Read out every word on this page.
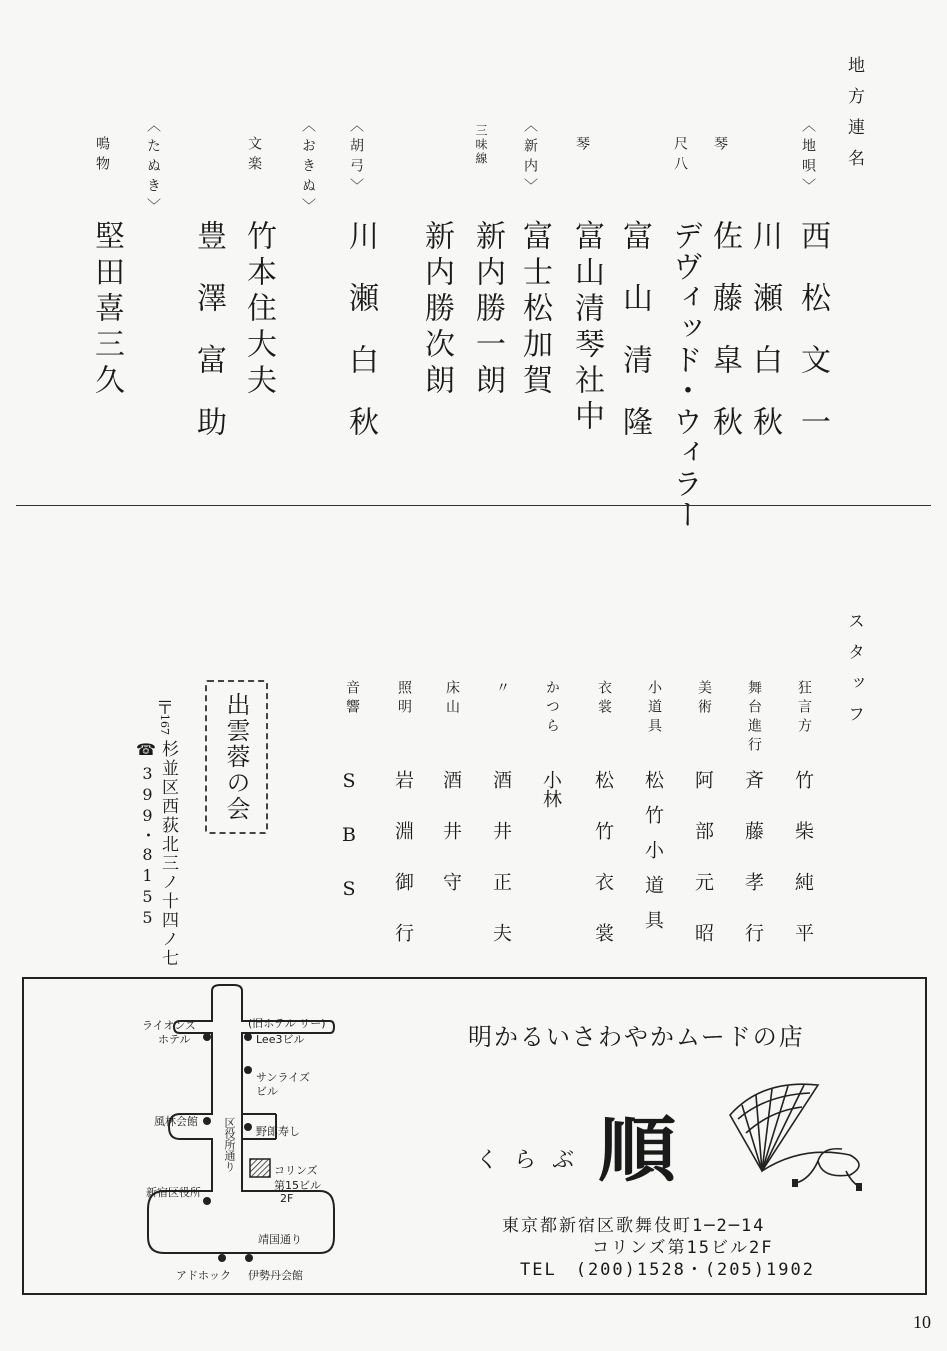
地方連名
〈地唄〉
西松文一
川瀬白秋
琴
佐藤皐秋
尺八
デヴィッド・ウィラー
富山清隆
琴
富山清琴社中
〈新内〉
富士松加賀
三味線
新内勝一朗
新内勝次朗
〈胡弓〉
川瀬白秋
〈おきぬ〉
文楽
竹本住大夫
豊澤富助
〈たぬき〉
鳴物
堅田喜三久
スタッフ
狂言方
竹柴純平
舞台進行
斉藤孝行
美術
阿部元昭
小道具
松竹小道具
衣裳
松竹衣裳
かつら
小林
〃
酒井正夫
床山
酒井守
照明
岩淵御行
音響
SBS
出雲蓉の会
〒
167
杉並区西荻北三ノ十四ノ七
☎
399・8155
ライオンズ
ホテル
(旧ホテル リー)
Lee3ビル
サンライズ
ビル
風林会館 区役所通り 野郎寿し
コリンズ
第15ビル
2F
新宿区役所
靖国通り
アドホック 伊勢丹会館
明かるいさわやかムードの店
くらぶ 順
東京都新宿区歌舞伎町1─2─14
コリンズ第15ビル2F
TEL　(200)1528・(205)1902
10
